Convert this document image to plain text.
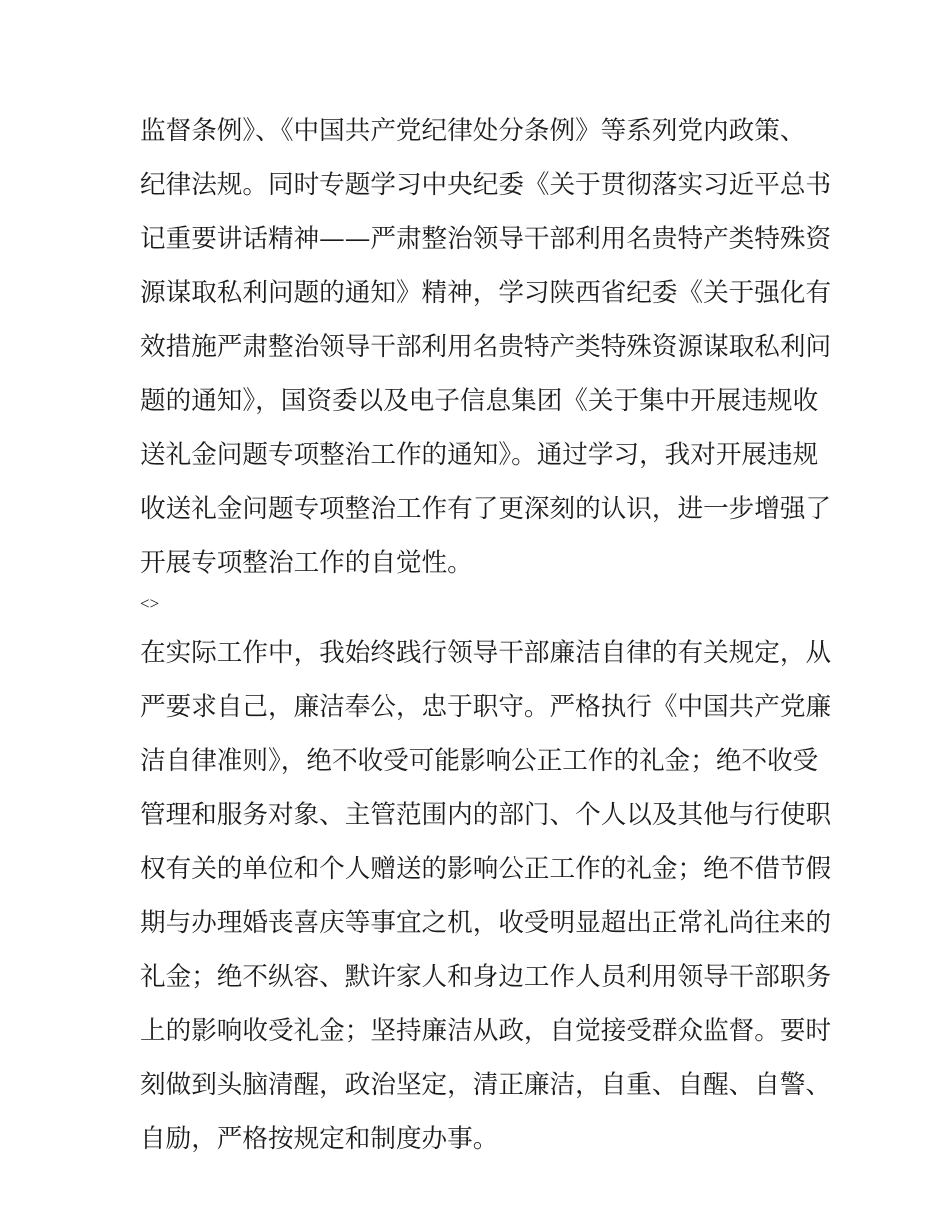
监督条例》、《中国共产党纪律处分条例》等系列党内政策、
纪律法规。同时专题学习中央纪委《关于贯彻落实习近平总书
记重要讲话精神——严肃整治领导干部利用名贵特产类特殊资
源谋取私利问题的通知》精神，学习陕西省纪委《关于强化有
效措施严肃整治领导干部利用名贵特产类特殊资源谋取私利问
题的通知》，国资委以及电子信息集团《关于集中开展违规收
送礼金问题专项整治工作的通知》。通过学习，我对开展违规
收送礼金问题专项整治工作有了更深刻的认识，进一步增强了
开展专项整治工作的自觉性。
<>
在实际工作中，我始终践行领导干部廉洁自律的有关规定，从
严要求自己，廉洁奉公，忠于职守。严格执行《中国共产党廉
洁自律准则》，绝不收受可能影响公正工作的礼金；绝不收受
管理和服务对象、主管范围内的部门、个人以及其他与行使职
权有关的单位和个人赠送的影响公正工作的礼金；绝不借节假
期与办理婚丧喜庆等事宜之机，收受明显超出正常礼尚往来的
礼金；绝不纵容、默许家人和身边工作人员利用领导干部职务
上的影响收受礼金；坚持廉洁从政，自觉接受群众监督。要时
刻做到头脑清醒，政治坚定，清正廉洁，自重、自醒、自警、
自励，严格按规定和制度办事。
